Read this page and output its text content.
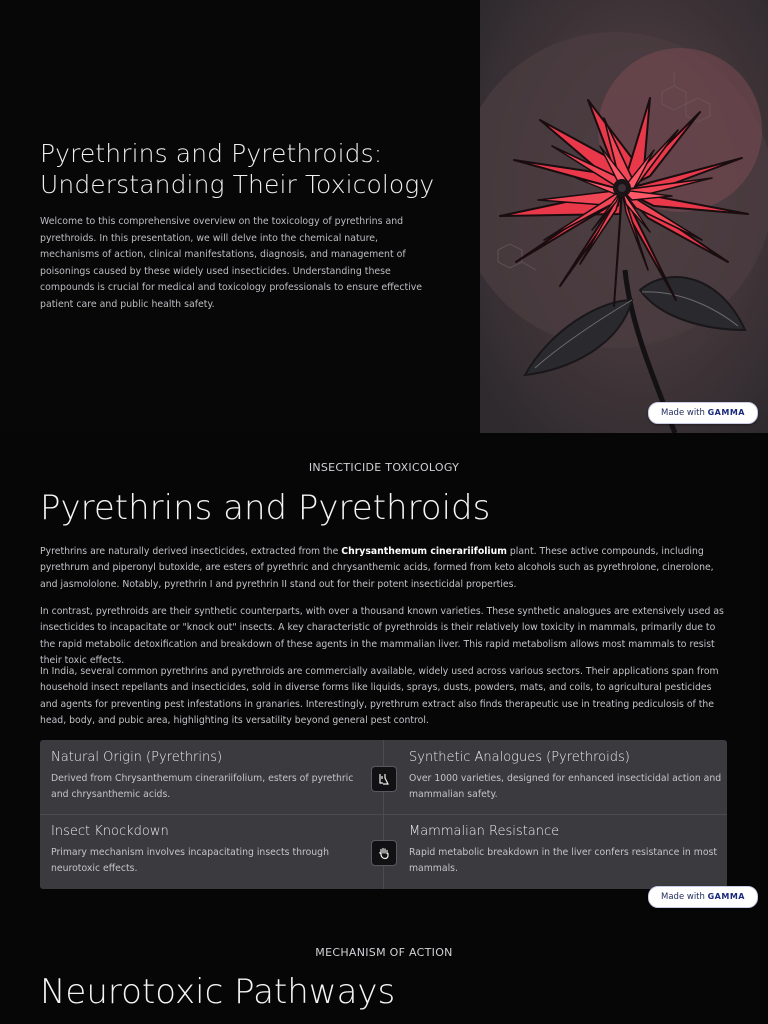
Pyrethrins and Pyrethroids:
Understanding Their Toxicology

Welcome to this comprehensive overview on the toxicology of pyrethrins and pyrethroids. In this presentation, we will delve into the chemical nature, mechanisms of action, clinical manifestations, diagnosis, and management of poisonings caused by these widely used insecticides. Understanding these compounds is crucial for medical and toxicology professionals to ensure effective patient care and public health safety.

Made with GAMMA

INSECTICIDE TOXICOLOGY

Pyrethrins and Pyrethroids

Pyrethrins are naturally derived insecticides, extracted from the Chrysanthemum cinerariifolium plant. These active compounds, including pyrethrum and piperonyl butoxide, are esters of pyrethric and chrysanthemic acids, formed from keto alcohols such as pyrethrolone, cinerolone, and jasmololone. Notably, pyrethrin I and pyrethrin II stand out for their potent insecticidal properties.

In contrast, pyrethroids are their synthetic counterparts, with over a thousand known varieties. These synthetic analogues are extensively used as insecticides to incapacitate or "knock out" insects. A key characteristic of pyrethroids is their relatively low toxicity in mammals, primarily due to the rapid metabolic detoxification and breakdown of these agents in the mammalian liver. This rapid metabolism allows most mammals to resist their toxic effects.

In India, several common pyrethrins and pyrethroids are commercially available, widely used across various sectors. Their applications span from household insect repellants and insecticides, sold in diverse forms like liquids, sprays, dusts, powders, mats, and coils, to agricultural pesticides and agents for preventing pest infestations in granaries. Interestingly, pyrethrum extract also finds therapeutic use in treating pediculosis of the head, body, and pubic area, highlighting its versatility beyond general pest control.

Natural Origin (Pyrethrins)

Derived from Chrysanthemum cinerariifolium, esters of pyrethric and chrysanthemic acids.

Synthetic Analogues (Pyrethroids)

Over 1000 varieties, designed for enhanced insecticidal action and mammalian safety.

Insect Knockdown

Primary mechanism involves incapacitating insects through neurotoxic effects.

Mammalian Resistance

Rapid metabolic breakdown in the liver confers resistance in most mammals.

Made with GAMMA

MECHANISM OF ACTION

Neurotoxic Pathways
